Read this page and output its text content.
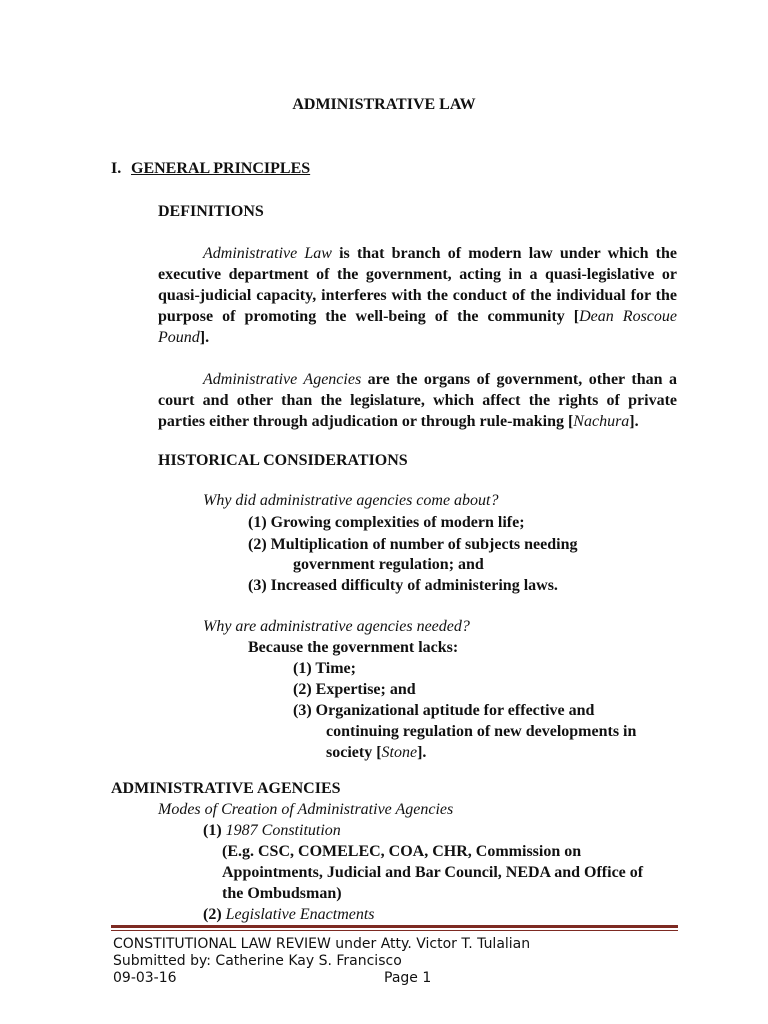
ADMINISTRATIVE LAW
I. GENERAL PRINCIPLES
DEFINITIONS
Administrative Law is that branch of modern law under which the executive department of the government, acting in a quasi-legislative or quasi-judicial capacity, interferes with the conduct of the individual for the purpose of promoting the well-being of the community [Dean Roscoue Pound].
Administrative Agencies are the organs of government, other than a court and other than the legislature, which affect the rights of private parties either through adjudication or through rule-making [Nachura].
HISTORICAL CONSIDERATIONS
Why did administrative agencies come about?
(1) Growing complexities of modern life;
(2) Multiplication of number of subjects needing
government regulation; and
(3) Increased difficulty of administering laws.
Why are administrative agencies needed?
Because the government lacks:
(1) Time;
(2) Expertise; and
(3) Organizational aptitude for effective and
continuing regulation of new developments in
society [Stone].
ADMINISTRATIVE AGENCIES
Modes of Creation of Administrative Agencies
(1) 1987 Constitution
(E.g. CSC, COMELEC, COA, CHR, Commission on
Appointments, Judicial and Bar Council, NEDA and Office of
the Ombudsman)
(2) Legislative Enactments
CONSTITUTIONAL LAW REVIEW under Atty. Victor T. Tulalian
Submitted by: Catherine Kay S. Francisco
09-03-16	Page 1
